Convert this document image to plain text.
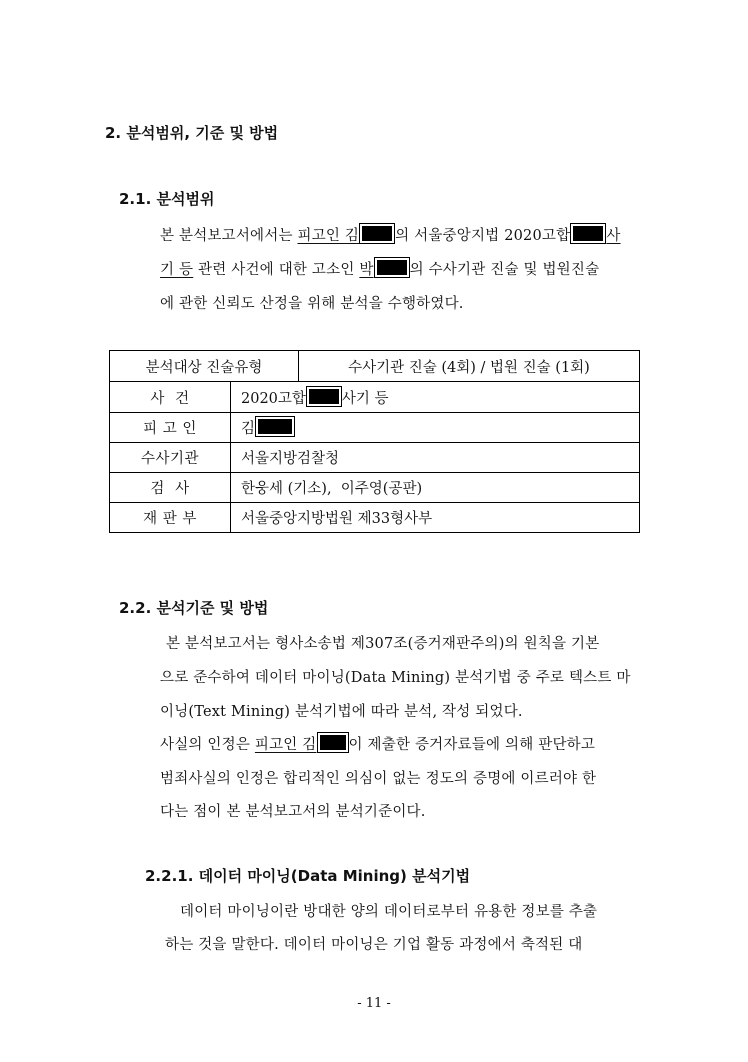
2. 분석범위, 기준 및 방법
2.1. 분석범위
본 분석보고서에서는 피고인 김 의 서울중앙지법 2020고합 사
기 등 관련 사건에 대한 고소인 박 의 수사기관 진술 및 법원진술
에 관한 신뢰도 산정을 위해 분석을 수행하였다.
분석대상 진술유형	수사기관 진술 (4회) / 법원 진술 (1회)
사  건	2020고합 사기 등
피 고 인	김
수사기관	서울지방검찰청
검  사	한웅세 (기소),  이주영(공판)
재 판 부	서울중앙지방법원 제33형사부
2.2. 분석기준 및 방법
본 분석보고서는 형사소송법 제307조(증거재판주의)의 원칙을 기본
으로 준수하여 데이터 마이닝(Data Mining) 분석기법 중 주로 텍스트 마
이닝(Text Mining) 분석기법에 따라 분석, 작성 되었다.
사실의 인정은 피고인 김 이 제출한 증거자료들에 의해 판단하고
범죄사실의 인정은 합리적인 의심이 없는 정도의 증명에 이르러야 한
다는 점이 본 분석보고서의 분석기준이다.
2.2.1. 데이터 마이닝(Data Mining) 분석기법
데이터 마이닝이란 방대한 양의 데이터로부터 유용한 정보를 추출
하는 것을 말한다. 데이터 마이닝은 기업 활동 과정에서 축적된 대
- 11 -
